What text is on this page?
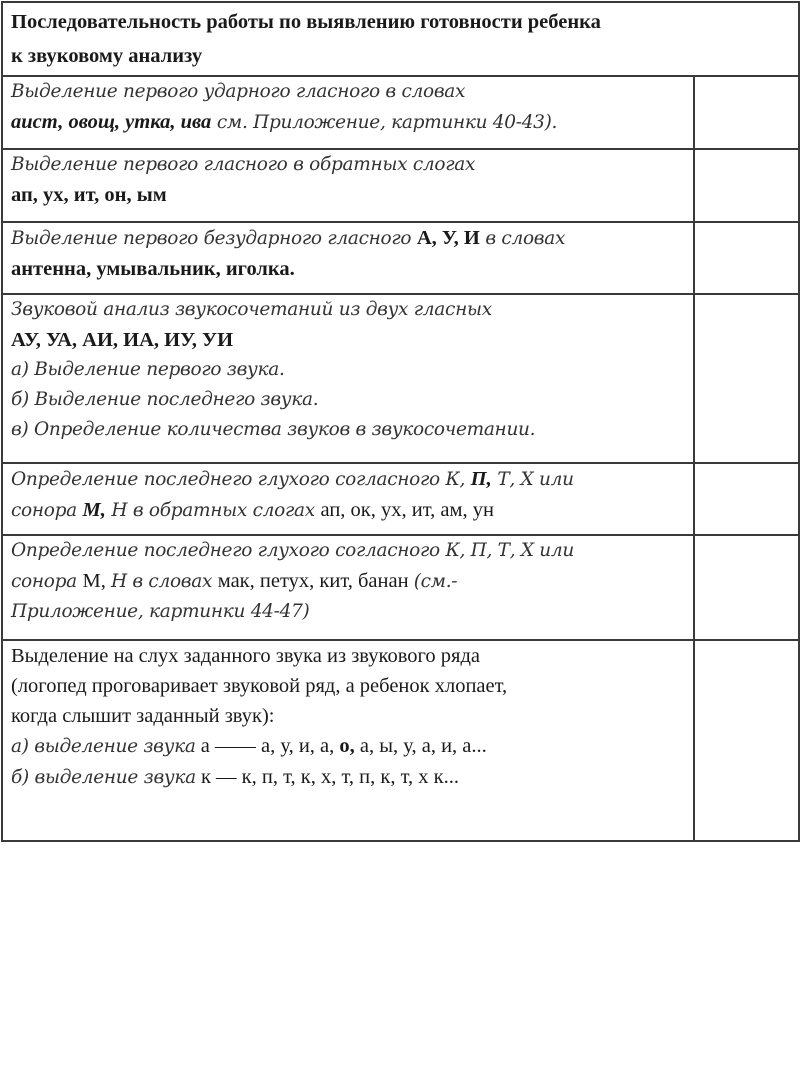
Последовательность работы по выявлению готовности ребенка
к звуковому анализу	

Выделение первого ударного гласного в словах
аист, овощ, утка, ива см. Приложение, картинки 40-43).	

Выделение первого гласного в обратных слогах
ап, ух, ит, он, ым	

Выделение первого безударного гласного А, У, И в словах
антенна, умывальник, иголка.	

Звуковой анализ звукосочетаний из двух гласных
АУ, УА, АИ, ИА, ИУ, УИ
а) Выделение первого звука.
б) Выделение последнего звука.
в) Определение количества звуков в звукосочетании.	

Определение последнего глухого согласного К, П, Т, Х или
сонора М, Н в обратных слогах ап, ок, ух, ит, ам, ун	

Определение последнего глухого согласного К, П, Т, Х или
сонора М, Н в словах мак, петух, кит, банан (см.-
Приложение, картинки 44-47)	

Выделение на слух заданного звука из звукового ряда
(логопед проговаривает звуковой ряд, а ребенок хлопает,
когда слышит заданный звук):
а) выделение звука а —— а, у, и, а, о, а, ы, у, а, и, а...
б) выделение звука к — к, п, т, к, х, т, п, к, т, х к...	
